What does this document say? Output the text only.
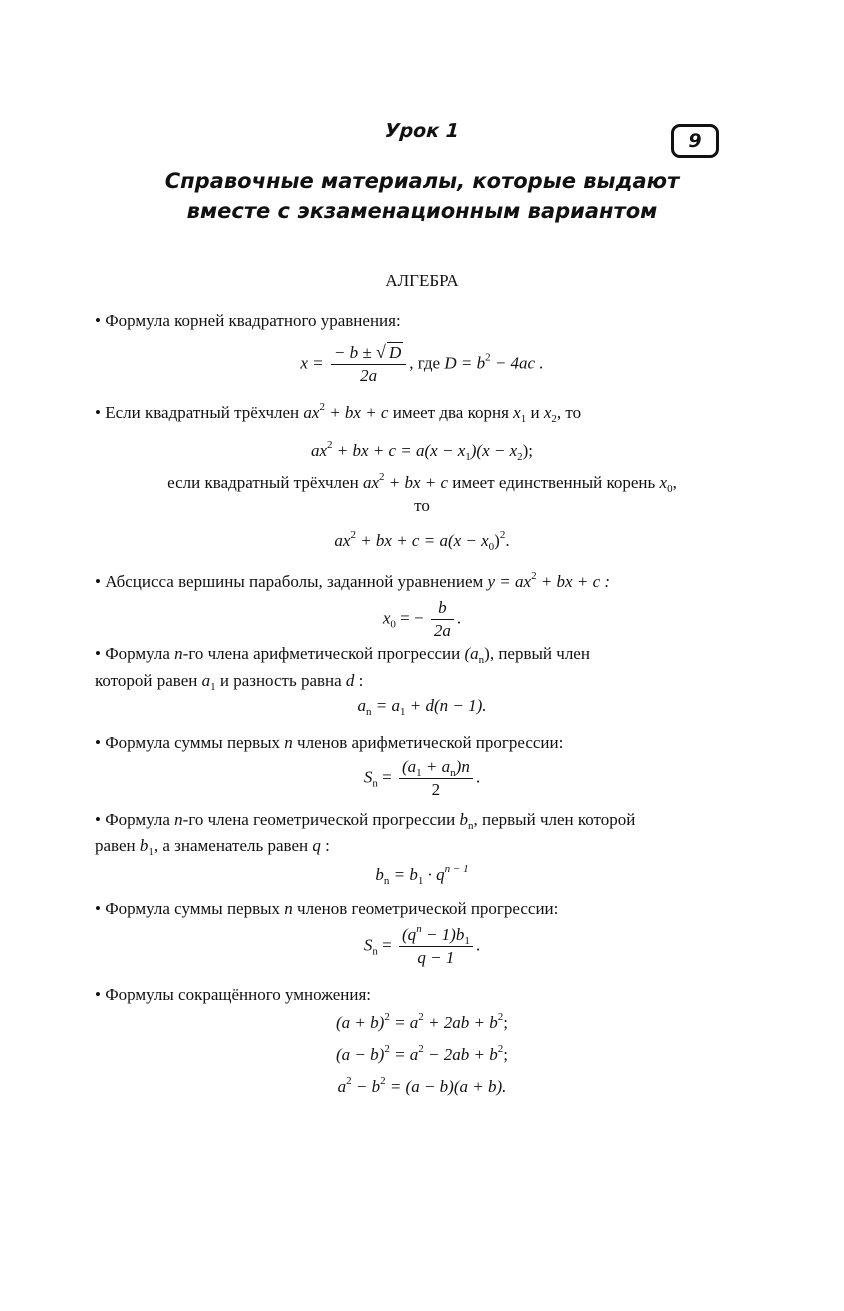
Урок 1	9
Справочные материалы, которые выдают
вместе с экзаменационным вариантом
АЛГЕБРА
• Формула корней квадратного уравнения:
$x = \frac{- b \pm √ D}{2a}$ , где $D = b^2 - 4ac$ .
• Если квадратный трёхчлен $ax^2$ + bx + c имеет два корня $x_1$ и $x_2$, то
$ax^2$ + bx + $c = a(x - x_1)(x - x_2)$;
если квадратный трёхчлен $ax^2$ + bx + c имеет единственный корень $x_0$,
то
$ax^2$ + bx + $c = a(x - x_0)^2$.
• Абсцисса вершины параболы, заданной уравнением $y = ax^2$ + bx + c :
$x_0$ = − $\frac{b}{2a}$ .
• Формула n-го члена арифметической прогрессии $(a_n)$, первый член
которой равен $a_1$ и разность равна d :
$a_n = a_1 + d(n - 1)$.
• Формула суммы первых n членов арифметической прогрессии:
$S_n = \frac{(a_1 + a_n)n}{2}$ .
• Формула n-го члена геометрической прогрессии $b_n$, первый член которой
равен $b_1$, а знаменатель равен q :
$b_n = b_1 \cdot q^{n - 1}$
• Формула суммы первых n членов геометрической прогрессии:
$S_n = \frac{(q^n - 1)b_1}{q - 1}$ .
• Формулы сокращённого умножения:
$(a + b)^2 = a^2 + 2ab + b^2$;
$(a - b)^2 = a^2 - 2ab + b^2$;
$a^2 - b^2 = (a - b)(a + b)$.
